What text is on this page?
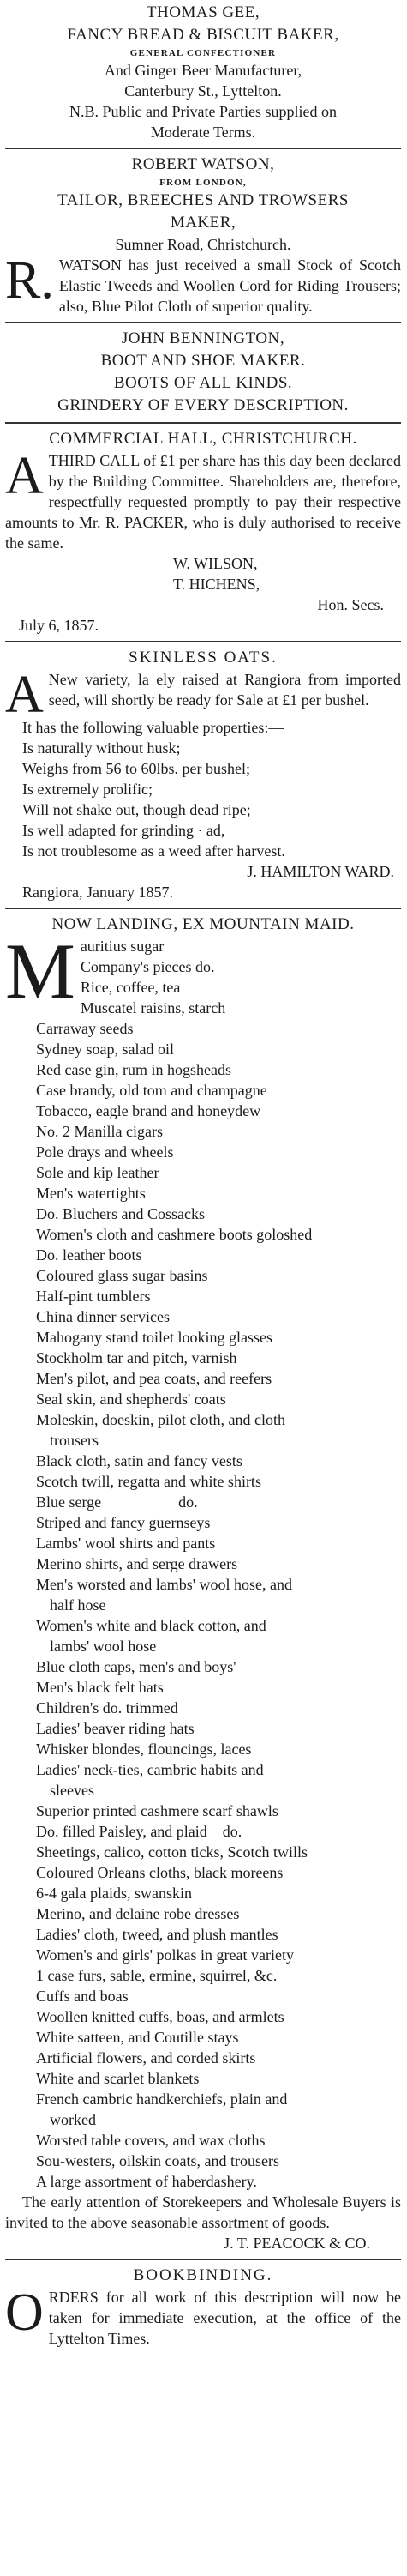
THOMAS GEE,
FANCY BREAD & BISCUIT BAKER,
GENERAL CONFECTIONER
And Ginger Beer Manufacturer,
Canterbury St., Lyttelton.
N.B. Public and Private Parties supplied on
Moderate Terms.
ROBERT WATSON,
FROM LONDON,
TAILOR, BREECHES AND TROWSERS
MAKER,
Sumner Road, Christchurch.
R. WATSON has just received a small Stock of Scotch Elastic Tweeds and Woollen Cord for Riding Trousers; also, Blue Pilot Cloth of superior quality.
JOHN BENNINGTON,
BOOT AND SHOE MAKER.
BOOTS OF ALL KINDS.
GRINDERY OF EVERY DESCRIPTION.
COMMERCIAL HALL, CHRISTCHURCH.
A THIRD CALL of £1 per share has this day been declared by the Building Committee. Shareholders are, therefore, respectfully requested promptly to pay their respective amounts to Mr. R. PACKER, who is duly authorised to receive the same.
W. WILSON,
T. HICHENS,
Hon. Secs.
July 6, 1857.
SKINLESS OATS.
A New variety, la ely raised at Rangiora from imported seed, will shortly be ready for Sale at £1 per bushel.
It has the following valuable properties:—
Is naturally without husk;
Weighs from 56 to 60lbs. per bushel;
Is extremely prolific;
Will not shake out, though dead ripe;
Is well adapted for grinding · ad,
Is not troublesome as a weed after harvest.
J. HAMILTON WARD.
Rangiora, January 1857.
NOW LANDING, EX MOUNTAIN MAID.
M auritius sugar
Company's pieces do.
Rice, coffee, tea
Muscatel raisins, starch
Carraway seeds
Sydney soap, salad oil
Red case gin, rum in hogsheads
Case brandy, old tom and champagne
Tobacco, eagle brand and honeydew
No. 2 Manilla cigars
Pole drays and wheels
Sole and kip leather
Men's watertights
Do. Bluchers and Cossacks
Women's cloth and cashmere boots goloshed
Do. leather boots
Coloured glass sugar basins
Half-pint tumblers
China dinner services
Mahogany stand toilet looking glasses
Stockholm tar and pitch, varnish
Men's pilot, and pea coats, and reefers
Seal skin, and shepherds' coats
Moleskin, doeskin, pilot cloth, and cloth
trousers
Black cloth, satin and fancy vests
Scotch twill, regatta and white shirts
Blue serge                    do.
Striped and fancy guernseys
Lambs' wool shirts and pants
Merino shirts, and serge drawers
Men's worsted and lambs' wool hose, and
half hose
Women's white and black cotton, and
lambs' wool hose
Blue cloth caps, men's and boys'
Men's black felt hats
Children's do. trimmed
Ladies' beaver riding hats
Whisker blondes, flouncings, laces
Ladies' neck-ties, cambric habits and
sleeves
Superior printed cashmere scarf shawls
Do. filled Paisley, and plaid    do.
Sheetings, calico, cotton ticks, Scotch twills
Coloured Orleans cloths, black moreens
6-4 gala plaids, swanskin
Merino, and delaine robe dresses
Ladies' cloth, tweed, and plush mantles
Women's and girls' polkas in great variety
1 case furs, sable, ermine, squirrel, &c.
Cuffs and boas
Woollen knitted cuffs, boas, and armlets
White satteen, and Coutille stays
Artificial flowers, and corded skirts
White and scarlet blankets
French cambric handkerchiefs, plain and
worked
Worsted table covers, and wax cloths
Sou-westers, oilskin coats, and trousers
A large assortment of haberdashery.
The early attention of Storekeepers and Wholesale Buyers is invited to the above seasonable assortment of goods.
J. T. PEACOCK & CO.
BOOKBINDING.
O RDERS for all work of this description will now be taken for immediate execution, at the office of the Lyttelton Times.
